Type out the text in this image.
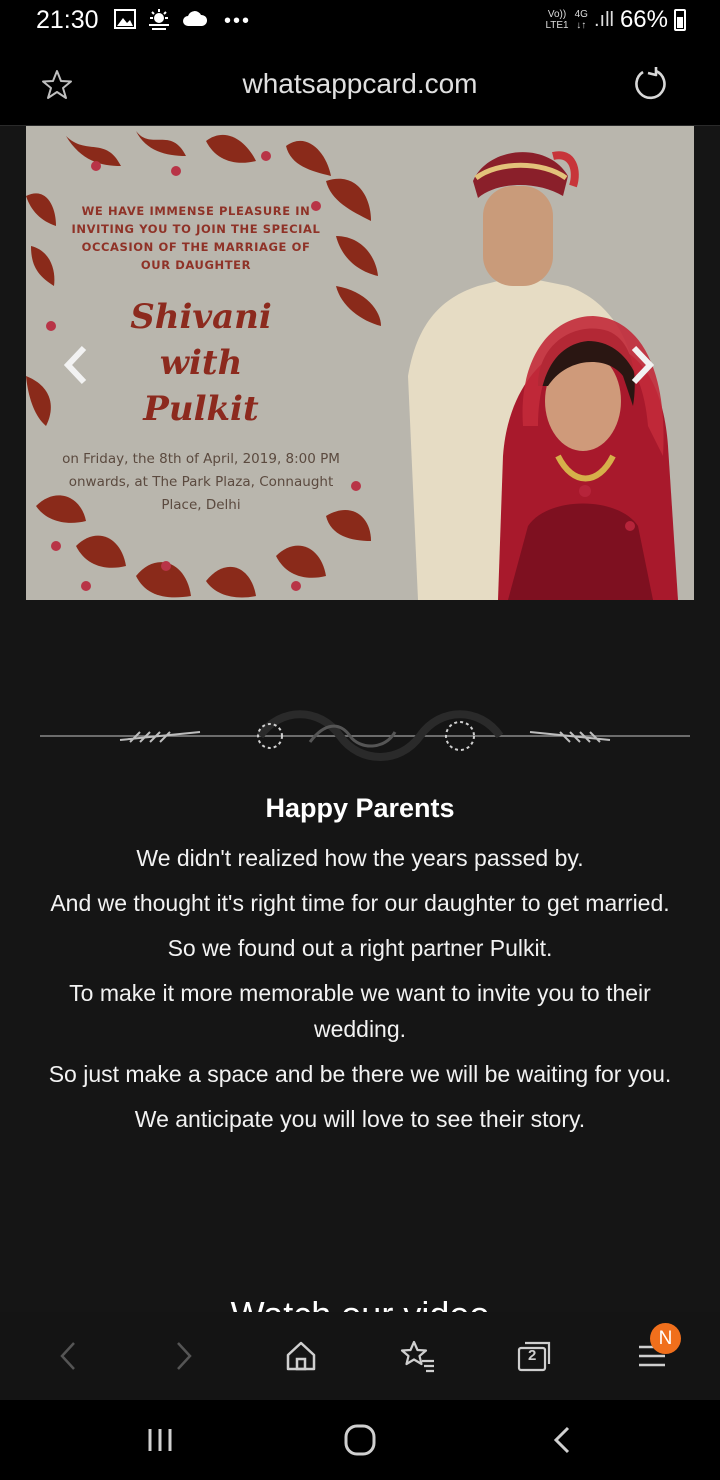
21:30	•••	Vo))
LTE1
4G
↓↑ .ıll 66%
whatsappcard.com
WE HAVE IMMENSE PLEASURE IN INVITING YOU TO JOIN THE SPECIAL OCCASION OF THE MARRIAGE OF OUR DAUGHTER
Shivani
with
Pulkit
on Friday, the 8th of April, 2019, 8:00 PM onwards, at The Park Plaza, Connaught Place, Delhi
Happy Parents
We didn't realized how the years passed by.
And we thought it's right time for our daughter to get married.
So we found out a right partner Pulkit.
To make it more memorable we want to invite you to their wedding.
So just make a space and be there we will be waiting for you.
We anticipate you will love to see their story.
2
N
